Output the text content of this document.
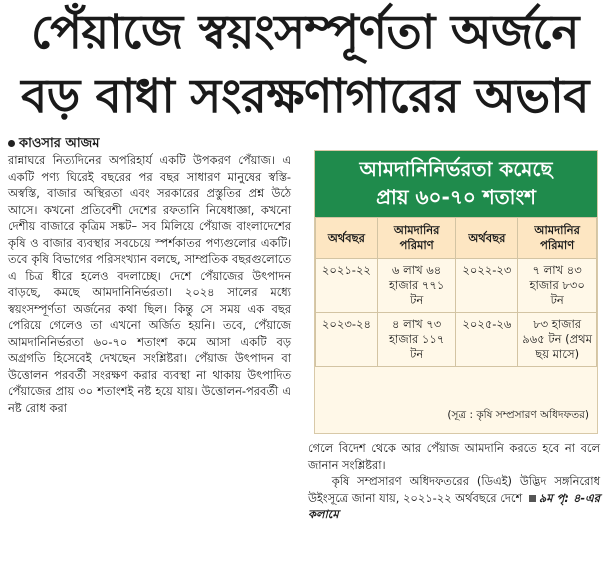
পেঁয়াজে স্বয়ংসম্পূর্ণতা অর্জনে
বড় বাধা সংরক্ষণাগারের অভাব
কাওসার আজম

রান্নাঘরে নিত্যদিনের অপরিহার্য একটি উপকরণ পেঁয়াজ। এ একটি পণ্য ঘিরেই বছরের পর বছর সাধারণ মানুষের স্বস্তি-অস্বস্তি, বাজার অস্থিরতা এবং সরকারের প্রস্তুতির প্রশ্ন উঠে আসে। কখনো প্রতিবেশী দেশের রফতানি নিষেধাজ্ঞা, কখনো দেশীয় বাজারে কৃত্রিম সঙ্কট– সব মিলিয়ে পেঁয়াজ বাংলাদেশের কৃষি ও বাজার ব্যবস্থার সবচেয়ে স্পর্শকাতর পণ্যগুলোর একটি। তবে কৃষি বিভাগের পরিসংখ্যান বলছে, সাম্প্রতিক বছরগুলোতে এ চিত্র ধীরে হলেও বদলাচ্ছে। দেশে পেঁয়াজের উৎপাদন বাড়ছে, কমছে আমদানিনির্ভরতা। ২০২৪ সালের মধ্যে স্বয়ংসম্পূর্ণতা অর্জনের কথা ছিল। কিন্তু সে সময় এক বছর পেরিয়ে গেলেও তা এখনো অর্জিত হয়নি। তবে, পেঁয়াজে আমদানিনির্ভরতা ৬০-৭০ শতাংশ কমে আসা একটি বড় অগ্রগতি হিসেবেই দেখছেন সংশ্লিষ্টরা। পেঁয়াজ উৎপাদন বা উত্তোলন পরবর্তী সংরক্ষণ করার ব্যবস্থা না থাকায় উৎপাদিত পেঁয়াজের প্রায় ৩০ শতাংশই নষ্ট হয়ে যায়। উত্তোলন-পরবর্তী এ নষ্ট রোধ করা

আমদানিনির্ভরতা কমেছে
প্রায় ৬০-৭০ শতাংশ
অর্থবছর	আমদানির পরিমাণ	অর্থবছর	আমদানির পরিমাণ
২০২১-২২	৬ লাখ ৬৪ হাজার ৭৭১ টন	২০২২-২৩	৭ লাখ ৪৩ হাজার ৮৩০ টন
২০২৩-২৪	৪ লাখ ৭৩ হাজার ১১৭ টন	২০২৫-২৬	৮৩ হাজার ৯৬৫ টন (প্রথম ছয় মাসে)
(সূত্র : কৃষি সম্প্রসারণ অধিদফতর)

গেলে বিদেশ থেকে আর পেঁয়াজ আমদানি করতে হবে না বলে জানান সংশ্লিষ্টরা।

কৃষি সম্প্রসারণ অধিদফতরের (ডিএই) উদ্ভিদ সঙ্গনিরোধ উইংসূত্রে জানা যায়, ২০২১-২২ অর্থবছরে দেশে ৯ম পৃ: ৪-এর কলামে
